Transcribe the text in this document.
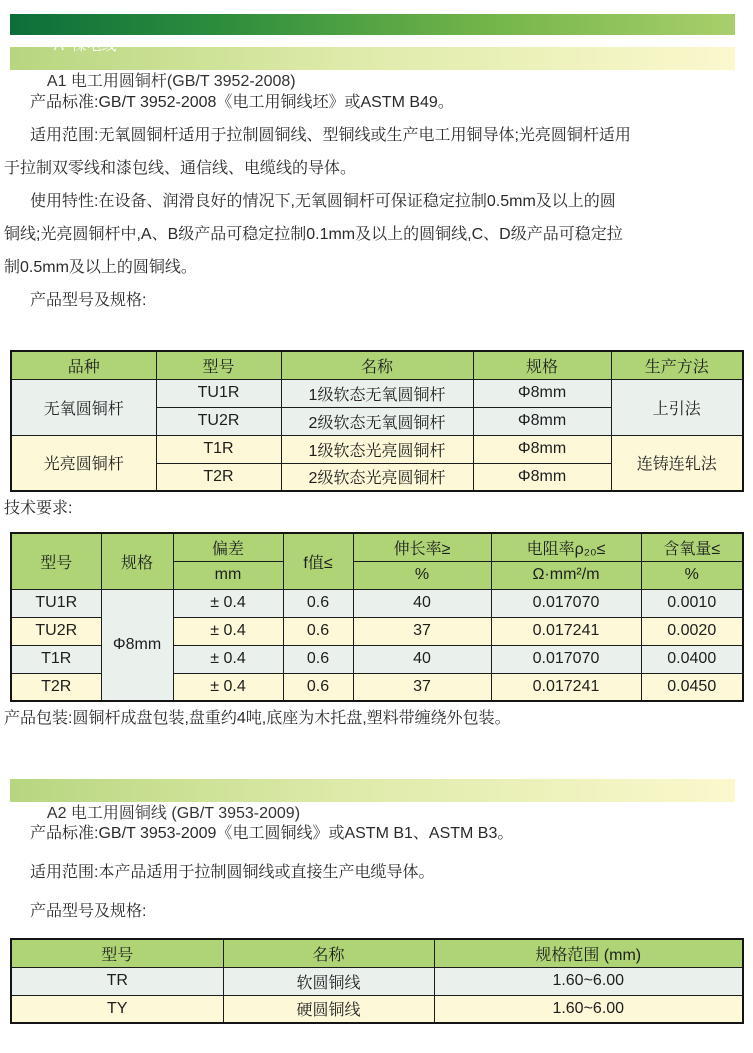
A  裸电线

A1 电工用圆铜杆(GB/T 3952-2008)

产品标准:GB/T 3952-2008《电工用铜线坯》或ASTM B49。
适用范围:无氧圆铜杆适用于拉制圆铜线、型铜线或生产电工用铜导体;光亮圆铜杆适用
于拉制双零线和漆包线、通信线、电缆线的导体。
使用特性:在设备、润滑良好的情况下,无氧圆铜杆可保证稳定拉制0.5mm及以上的圆
铜线;光亮圆铜杆中,A、B级产品可稳定拉制0.1mm及以上的圆铜线,C、D级产品可稳定拉
制0.5mm及以上的圆铜线。
产品型号及规格:
品种	型号	名称	规格	生产方法
无氧圆铜杆	TU1R	1级软态无氧圆铜杆	Φ8mm	上引法
	TU2R	2级软态无氧圆铜杆	Φ8mm	
光亮圆铜杆	T1R	1级软态光亮圆铜杆	Φ8mm	连铸连轧法
	T2R	2级软态光亮圆铜杆	Φ8mm	
技术要求:
型号	规格	偏差	f值≤	伸长率≥	电阻率ρ₂₀≤	含氧量≤
		mm		%	Ω·mm²/m	%
TU1R	Φ8mm	± 0.4	0.6	40	0.017070	0.0010
TU2R		± 0.4	0.6	37	0.017241	0.0020
T1R		± 0.4	0.6	40	0.017070	0.0400
T2R		± 0.4	0.6	37	0.017241	0.0450
产品包装:圆铜杆成盘包装,盘重约4吨,底座为木托盘,塑料带缠绕外包装。

A2 电工用圆铜线 (GB/T 3953-2009)

产品标准:GB/T 3953-2009《电工圆铜线》或ASTM B1、ASTM B3。
适用范围:本产品适用于拉制圆铜线或直接生产电缆导体。
产品型号及规格:
型号	名称	规格范围 (mm)
TR	软圆铜线	1.60~6.00
TY	硬圆铜线	1.60~6.00
